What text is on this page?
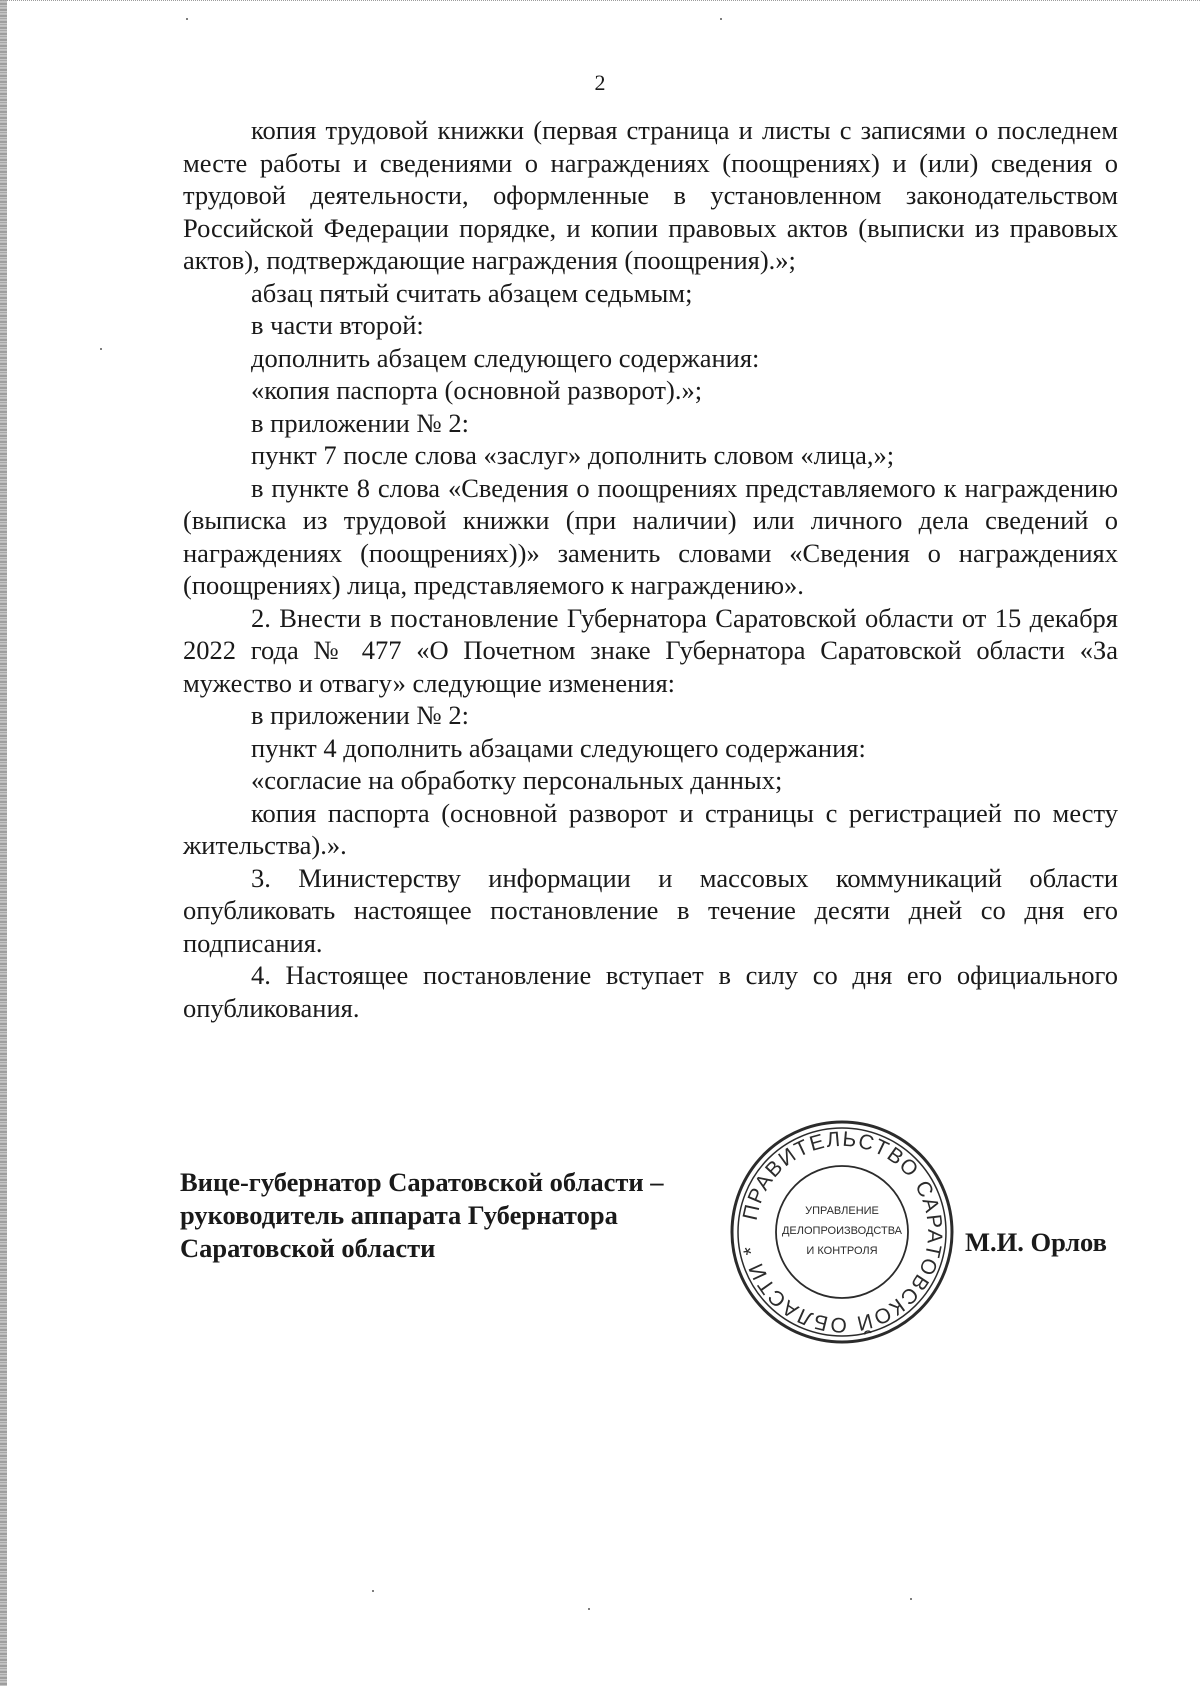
2

копия трудовой книжки (первая страница и листы с записями о последнем месте работы и сведениями о награждениях (поощрениях) и (или) сведения о трудовой деятельности, оформленные в установленном законодательством Российской Федерации порядке, и копии правовых актов (выписки из правовых актов), подтверждающие награждения (поощрения).»;

абзац пятый считать абзацем седьмым;

в части второй:

дополнить абзацем следующего содержания:

«копия паспорта (основной разворот).»;

в приложении № 2:

пункт 7 после слова «заслуг» дополнить словом «лица,»;

в пункте 8 слова «Сведения о поощрениях представляемого к награждению (выписка из трудовой книжки (при наличии) или личного дела сведений о награждениях (поощрениях))» заменить словами «Сведения о награждениях (поощрениях) лица, представляемого к награждению».

2. Внести в постановление Губернатора Саратовской области от 15 декабря 2022 года № 477 «О Почетном знаке Губернатора Саратовской области «За мужество и отвагу» следующие изменения:

в приложении № 2:

пункт 4 дополнить абзацами следующего содержания:

«согласие на обработку персональных данных;

копия паспорта (основной разворот и страницы с регистрацией по месту жительства).».

3. Министерству информации и массовых коммуникаций области опубликовать настоящее постановление в течение десяти дней со дня его подписания.

4. Настоящее постановление вступает в силу со дня его официального опубликования.

Вице-губернатор Саратовской области –
руководитель аппарата Губернатора
Саратовской области
ПРАВИТЕЛЬСТВО САРАТОВСКОЙ ОБЛАСТИ *
УПРАВЛЕНИЕ
ДЕЛОПРОИЗВОДСТВА
И КОНТРОЛЯ	М.И. Орлов
